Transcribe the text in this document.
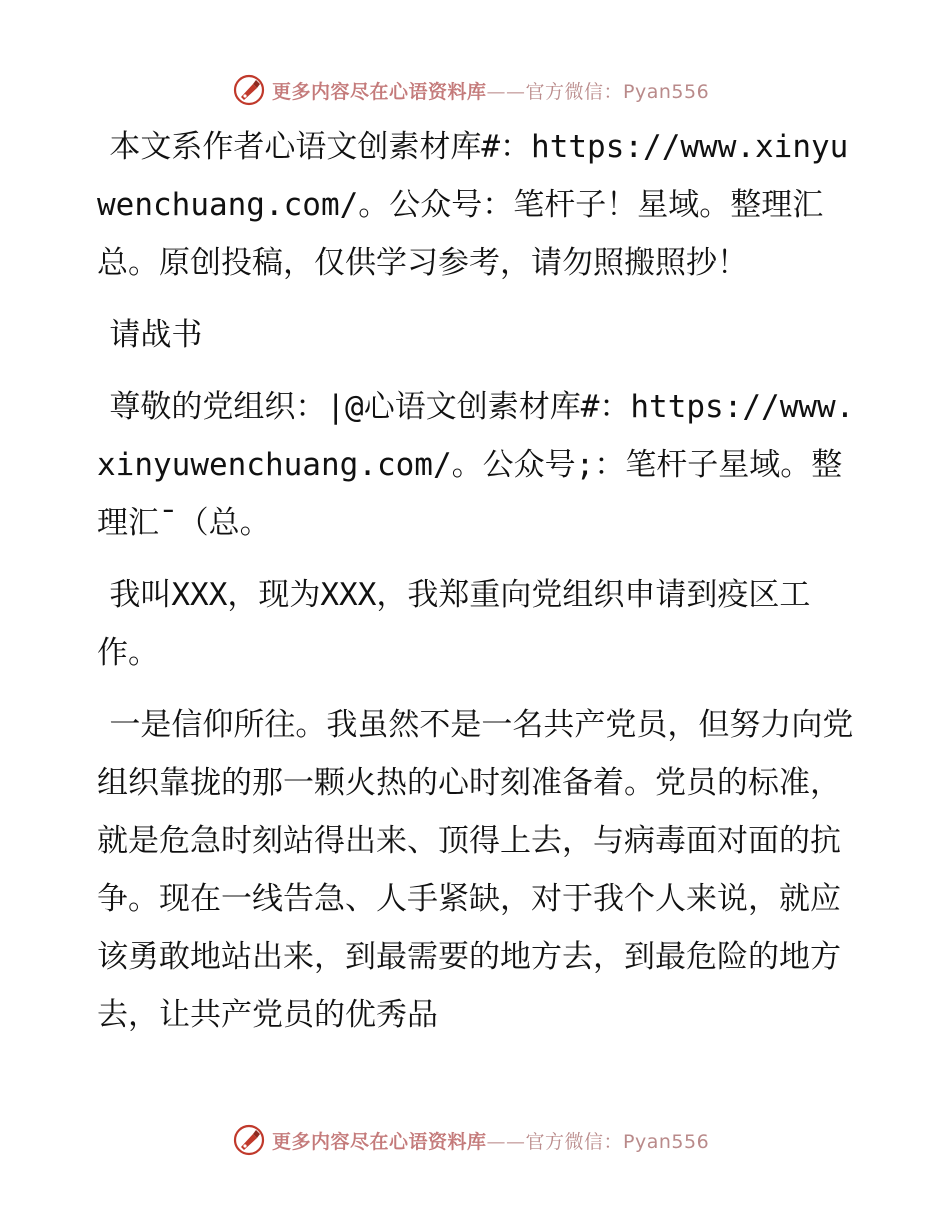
更多内容尽在心语资料库——官方微信：Pyan556

本文系作者心语文创素材库#：https://www.xinyuwenchuang.com/。公众号：笔杆子！星域。整理汇总。原创投稿，仅供学习参考，请勿照搬照抄！

请战书

尊敬的党组织：|@心语文创素材库#：https://www.xinyuwenchuang.com/。公众号;：笔杆子星域。整理汇¯（总。

我叫XXX，现为XXX，我郑重向党组织申请到疫区工作。

一是信仰所往。我虽然不是一名共产党员，但努力向党组织靠拢的那一颗火热的心时刻准备着。党员的标准，就是危急时刻站得出来、顶得上去，与病毒面对面的抗争。现在一线告急、人手紧缺，对于我个人来说，就应该勇敢地站出来，到最需要的地方去，到最危险的地方去，让共产党员的优秀品

更多内容尽在心语资料库——官方微信：Pyan556
